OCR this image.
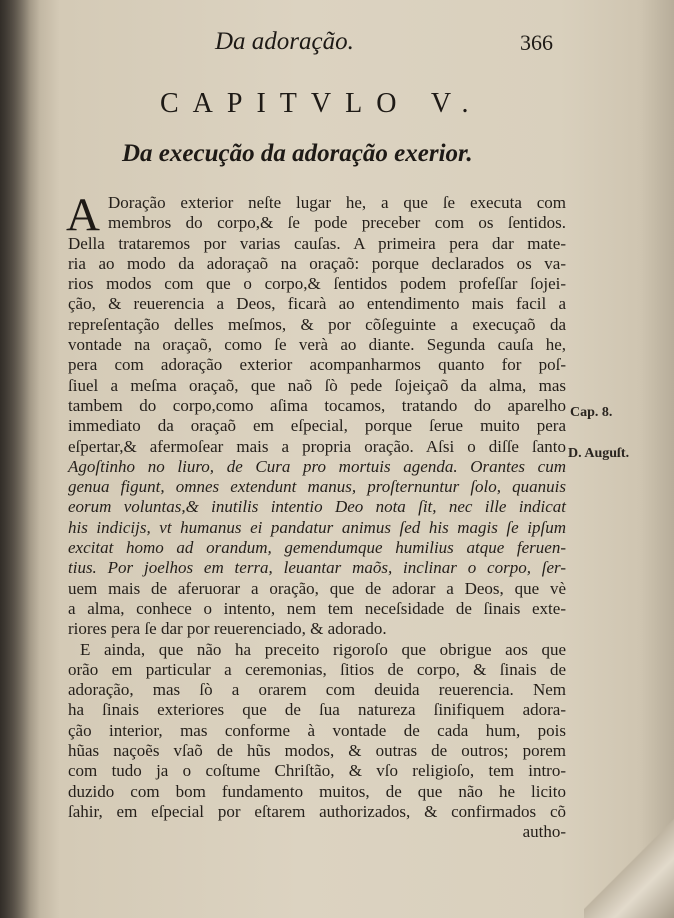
Da adoração.	366
CAPITVLO V.
Da execução da adoração exerior.
A Doração exterior neſte lugar he, a que ſe executa com
membros do corpo,& ſe pode preceber com os ſentidos.
Della trataremos por varias cauſas. A primeira pera dar mate-
ria ao modo da adoraçaõ na oraçaõ: porque declarados os va-
rios modos com que o corpo,& ſentidos podem profeſſar ſojei-
ção, & reuerencia a Deos, ficarà ao entendimento mais facil a
repreſentação delles meſmos, & por cõſeguinte a execuçaõ da
vontade na oraçaõ, como ſe verà ao diante. Segunda cauſa he,
pera com adoração exterior acompanharmos quanto for poſ-
ſiuel a meſma oraçaõ, que naõ ſò pede ſojeiçaõ da alma, mas
tambem do corpo,como aſima tocamos, tratando do aparelho
immediato da oraçaõ em eſpecial, porque ſerue muito pera
eſpertar,& afermoſear mais a propria oração. Aſsi o diſſe ſanto
Agoſtinho no liuro, de Cura pro mortuis agenda. Orantes cum
genua figunt, omnes extendunt manus, proſternuntur ſolo, quanuis
eorum voluntas,& inutilis intentio Deo nota ſit, nec ille indicat
his indicijs, vt humanus ei pandatur animus ſed his magis ſe ipſum
excitat homo ad orandum, gemendumque humilius atque feruen-
tius. Por joelhos em terra, leuantar maõs, inclinar o corpo, ſer-
uem mais de aferuorar a oração, que de adorar a Deos, que vè
a alma, conhece o intento, nem tem neceſsidade de ſinais exte-
riores pera ſe dar por reuerenciado, & adorado.
E ainda, que não ha preceito rigoroſo que obrigue aos que
orão em particular a ceremonias, ſitios de corpo, & ſinais de
adoração, mas ſò a orarem com deuida reuerencia. Nem
ha ſinais exteriores que de ſua natureza ſinifiquem adora-
ção interior, mas conforme à vontade de cada hum, pois
hũas naçoẽs vſaõ de hũs modos, & outras de outros; porem
com tudo ja o coſtume Chriſtão, & vſo religioſo, tem intro-
duzido com bom fundamento muitos, de que não he licito
ſahir, em eſpecial por eſtarem authorizados, & confirmados cõ
autho-
Cap. 8.
D. Auguſt.
